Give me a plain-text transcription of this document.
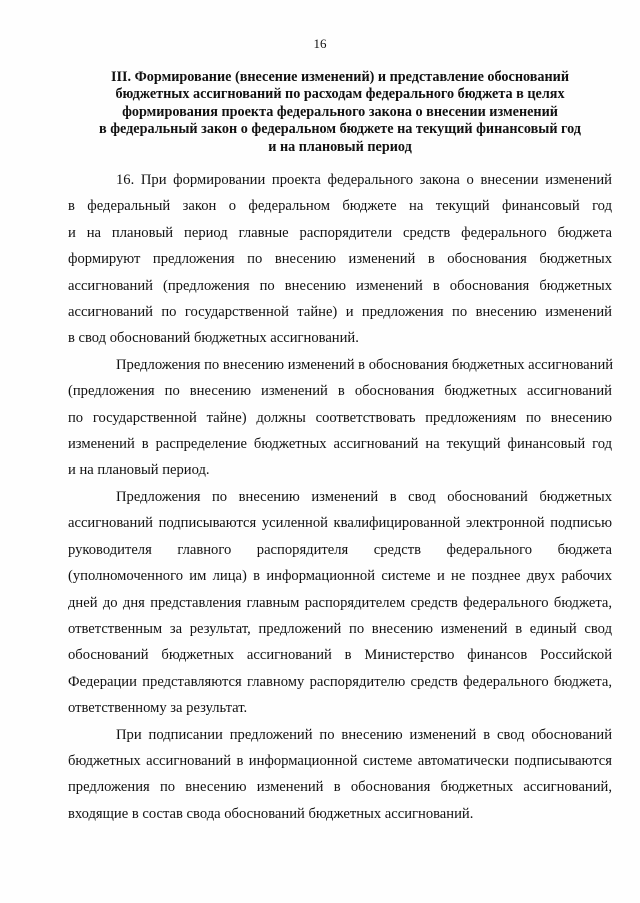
16
III. Формирование (внесение изменений) и представление обоснований
бюджетных ассигнований по расходам федерального бюджета в целях
формирования проекта федерального закона о внесении изменений
в федеральный закон о федеральном бюджете на текущий финансовый год
и на плановый период
16. При формировании проекта федерального закона о внесении изменений
в федеральный закон о федеральном бюджете на текущий финансовый год
и на плановый период главные распорядители средств федерального бюджета
формируют предложения по внесению изменений в обоснования бюджетных
ассигнований (предложения по внесению изменений в обоснования бюджетных
ассигнований по государственной тайне) и предложения по внесению изменений
в свод обоснований бюджетных ассигнований.
Предложения по внесению изменений в обоснования бюджетных ассигнований
(предложения по внесению изменений в обоснования бюджетных ассигнований
по государственной тайне) должны соответствовать предложениям по внесению
изменений в распределение бюджетных ассигнований на текущий финансовый год
и на плановый период.
Предложения по внесению изменений в свод обоснований бюджетных
ассигнований подписываются усиленной квалифицированной электронной подписью
руководителя главного распорядителя средств федерального бюджета
(уполномоченного им лица) в информационной системе и не позднее двух рабочих
дней до дня представления главным распорядителем средств федерального бюджета,
ответственным за результат, предложений по внесению изменений в единый свод
обоснований бюджетных ассигнований в Министерство финансов Российской
Федерации представляются главному распорядителю средств федерального бюджета,
ответственному за результат.
При подписании предложений по внесению изменений в свод обоснований
бюджетных ассигнований в информационной системе автоматически подписываются
предложения по внесению изменений в обоснования бюджетных ассигнований,
входящие в состав свода обоснований бюджетных ассигнований.
